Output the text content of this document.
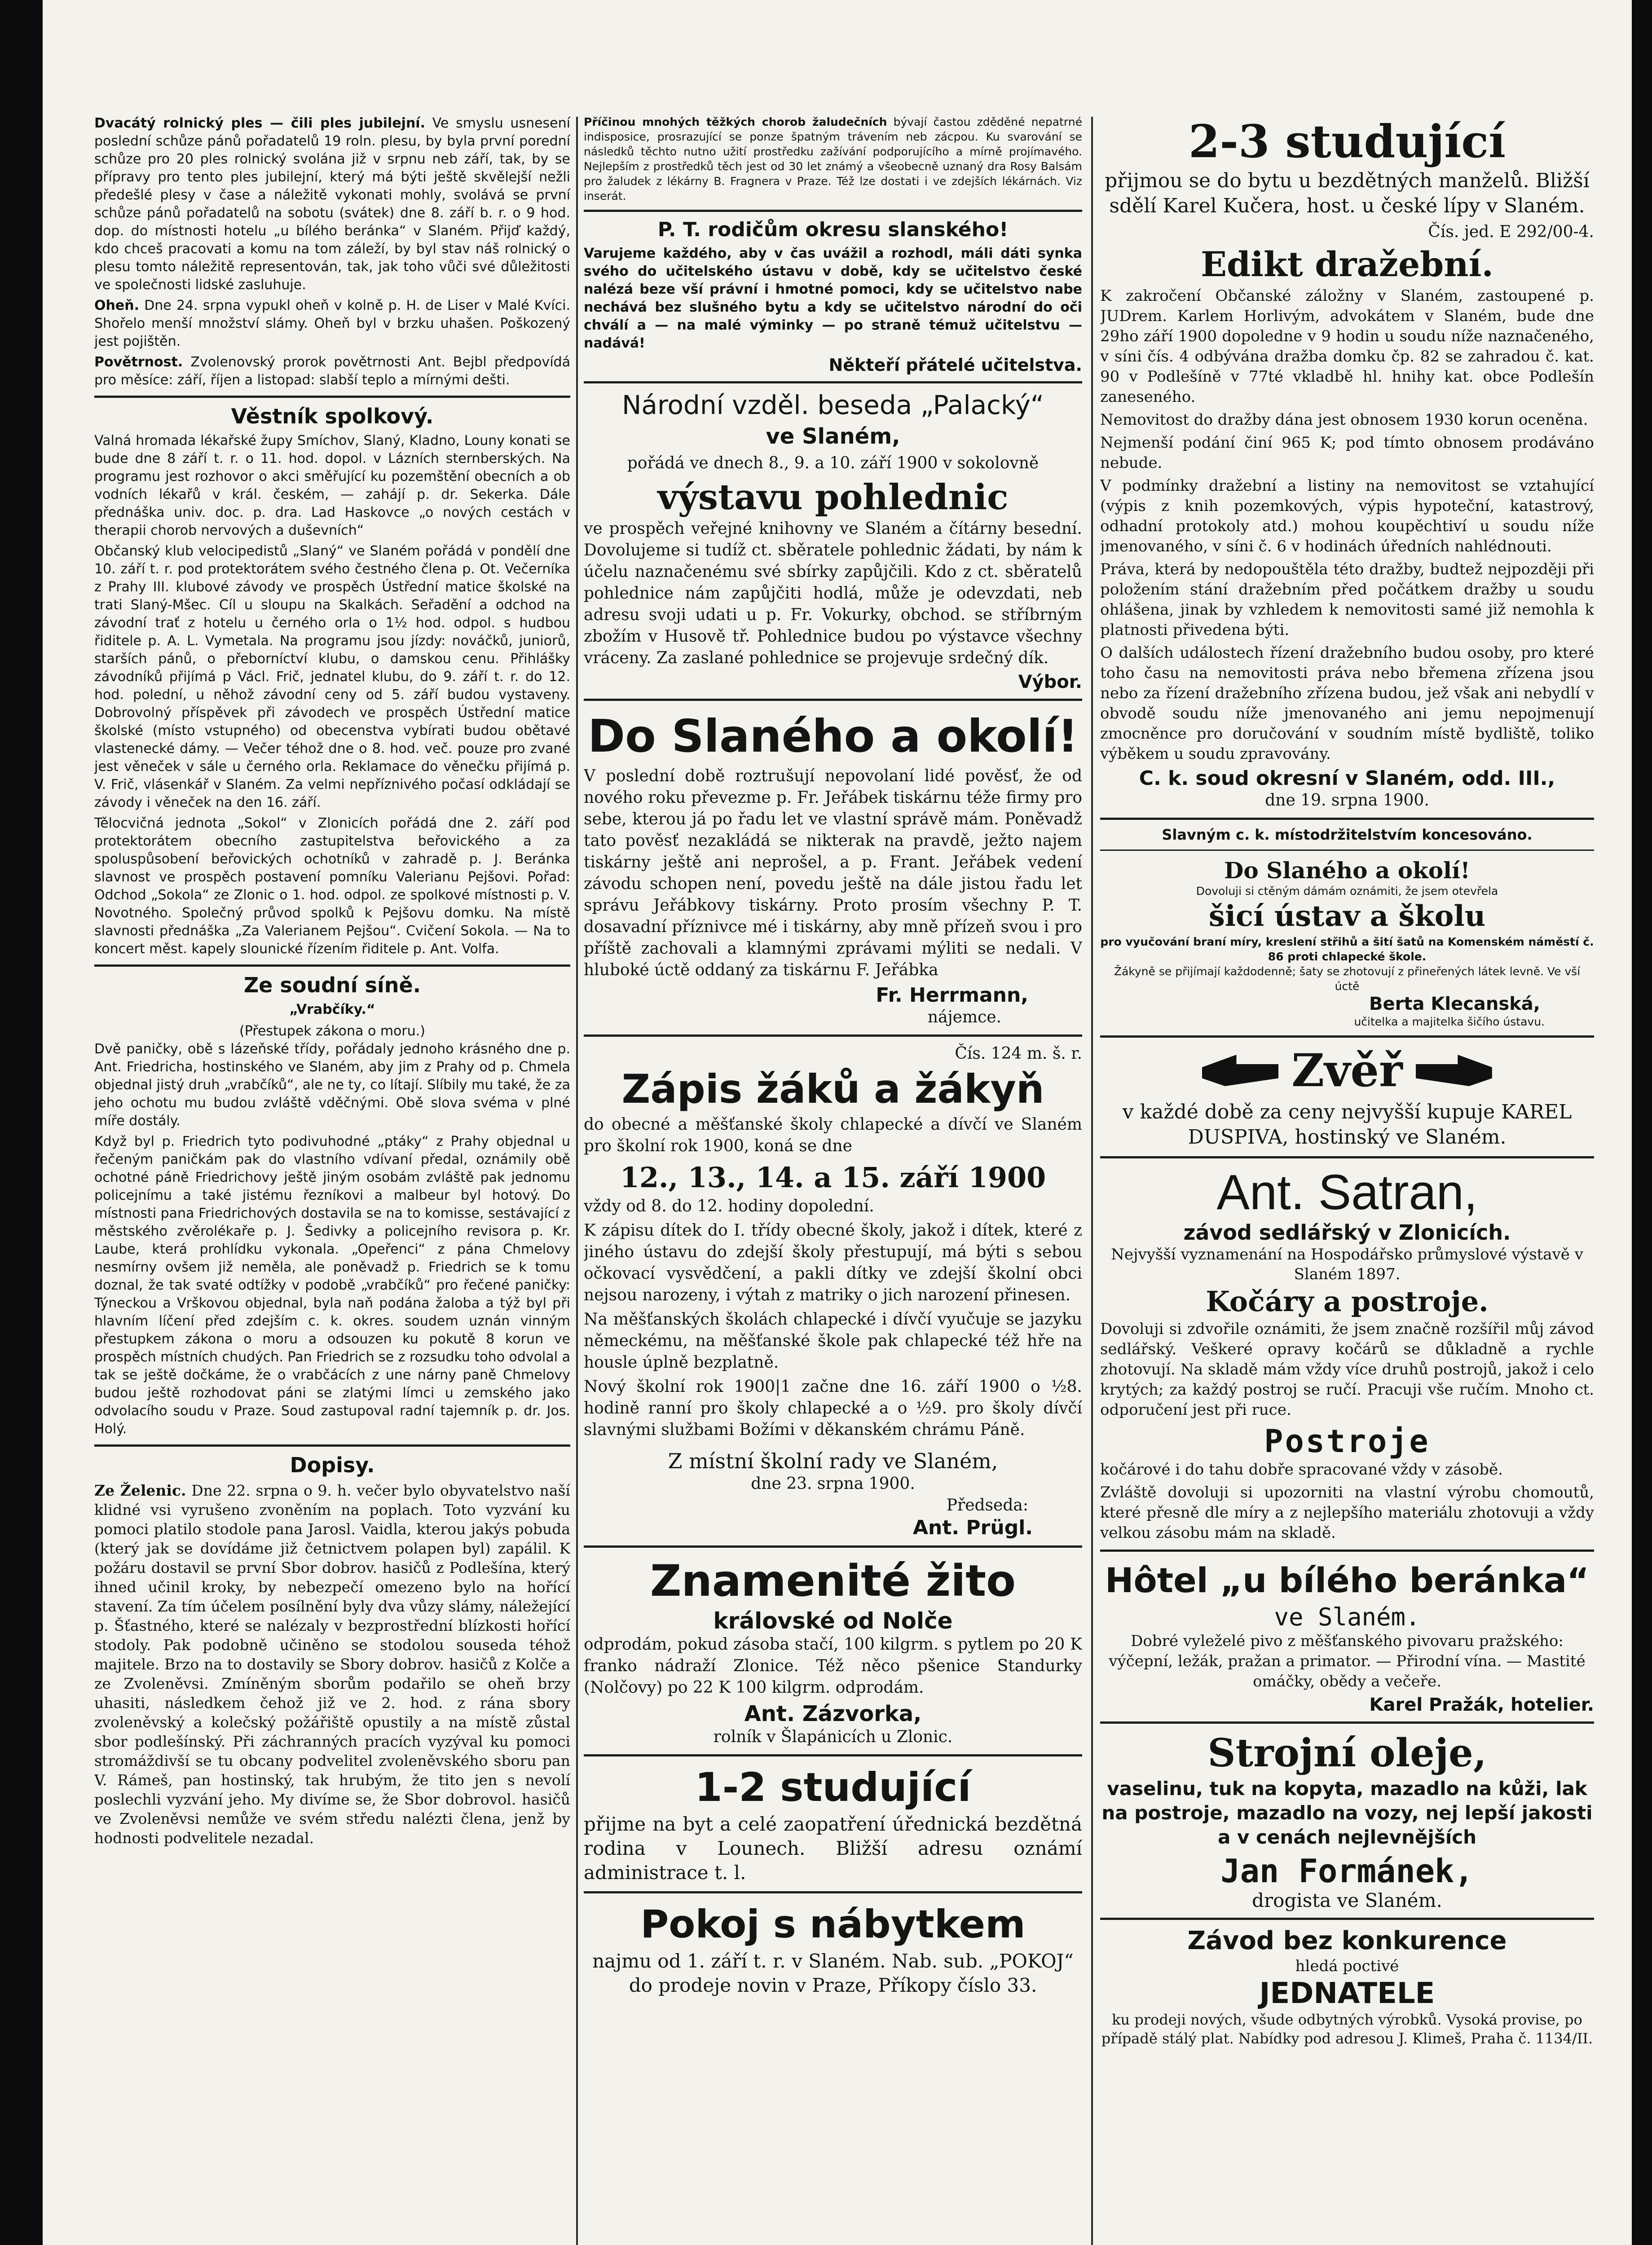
Dvacátý rolnický ples — čili ples jubilejní. Ve smyslu usnesení poslední schůze pánů pořadatelů 19 roln. plesu, by byla první porední schůze pro 20 ples rolnický svolána již v srpnu neb září, tak, by se přípravy pro tento ples jubilejní, který má býti ještě skvělejší nežli předešlé plesy v čase a náležitě vykonati mohly, svolává se první schůze pánů pořadatelů na sobotu (svátek) dne 8. září b. r. o 9 hod. dop. do místnosti hotelu „u bílého beránka“ v Slaném. Přijď každý, kdo chceš pracovati a komu na tom záleží, by byl stav náš rolnický o plesu tomto náležitě representován, tak, jak toho vůči své důležitosti ve společnosti lidské zasluhuje.

Oheň. Dne 24. srpna vypukl oheň v kolně p. H. de Liser v Malé Kvíci. Shořelo menší množství slámy. Oheň byl v brzku uhašen. Poškozený jest pojištěn.

Povětrnost. Zvolenovský prorok povětrnosti Ant. Bejbl předpovídá pro měsíce: září, říjen a listopad: slabší teplo a mírnými dešti.

Věstník spolkový.

Valná hromada lékařské župy Smíchov, Slaný, Kladno, Louny konati se bude dne 8 září t. r. o 11. hod. dopol. v Lázních sternberských. Na programu jest rozhovor o akci směřující ku pozemštění obecních a ob vodních lékařů v král. českém, — zahájí p. dr. Sekerka. Dále přednáška univ. doc. p. dra. Lad Haskovce „o nových cestách v therapii chorob nervových a duševních“

Občanský klub velocipedistů „Slaný“ ve Slaném pořádá v pondělí dne 10. září t. r. pod protektorátem svého čestného člena p. Ot. Večerníka z Prahy III. klubové závody ve prospěch Ústřední matice školské na trati Slaný-Mšec. Cíl u sloupu na Skalkách. Seřadění a odchod na závodní trať z hotelu u černého orla o 1½ hod. odpol. s hudbou řiditele p. A. L. Vymetala. Na programu jsou jízdy: nováčků, juniorů, starších pánů, o přeborníctví klubu, o damskou cenu. Přihlášky závodníků přijímá p Václ. Frič, jednatel klubu, do 9. září t. r. do 12. hod. polední, u něhož závodní ceny od 5. září budou vystaveny. Dobrovolný příspěvek při závodech ve prospěch Ústřední matice školské (místo vstupného) od obecenstva vybírati budou obětavé vlastenecké dámy. — Večer téhož dne o 8. hod. več. pouze pro zvané jest věneček v sále u černého orla. Reklamace do věnečku přijímá p. V. Frič, vlásenkář v Slaném. Za velmi nepříznivého počasí odkládají se závody i věneček na den 16. září.

Tělocvičná jednota „Sokol“ v Zlonicích pořádá dne 2. září pod protektorátem obecního zastupitelstva beřovického a za spoluspůsobení beřovických ochotníků v zahradě p. J. Beránka slavnost ve prospěch postavení pomníku Valerianu Pejšovi. Pořad: Odchod „Sokola“ ze Zlonic o 1. hod. odpol. ze spolkové místnosti p. V. Novotného. Společný průvod spolků k Pejšovu domku. Na místě slavnosti přednáška „Za Valerianem Pejšou“. Cvičení Sokola. — Na to koncert měst. kapely slounické řízením řiditele p. Ant. Volfa.

Ze soudní síně.
„Vrabčíky.“
(Přestupek zákona o moru.)

Dvě paničky, obě s lázeňské třídy, pořádaly jednoho krásného dne p. Ant. Friedricha, hostinského ve Slaném, aby jim z Prahy od p. Chmela objednal jistý druh „vrabčíků“, ale ne ty, co lítají. Slíbily mu také, že za jeho ochotu mu budou zvláště vděčnými. Obě slova svéma v plné míře dostály.

Když byl p. Friedrich tyto podivuhodné „ptáky“ z Prahy objednal u řečeným paničkám pak do vlastního vdívaní předal, oznámily obě ochotné páně Friedrichovy ještě jiným osobám zvláště pak jednomu policejnímu a také jistému řezníkovi a malbeur byl hotový. Do místnosti pana Friedrichových dostavila se na to komisse, sestávající z městského zvěrolékaře p. J. Šedivky a policejního revisora p. Kr. Laube, která prohlídku vykonala. „Opeřenci“ z pána Chmelovy nesmírny ovšem již neměla, ale poněvadž p. Friedrich se k tomu doznal, že tak svaté odtížky v podobě „vrabčíků“ pro řečené paničky: Týneckou a Vrškovou objednal, byla naň podána žaloba a týž byl při hlavním líčení před zdejším c. k. okres. soudem uznán vinným přestupkem zákona o moru a odsouzen ku pokutě 8 korun ve prospěch místních chudých. Pan Friedrich se z rozsudku toho odvolal a tak se ještě dočkáme, že o vrabčácích z une nárny paně Chmelovy budou ještě rozhodovat páni se zlatými límci u zemského jako odvolacího soudu v Praze. Soud zastupoval radní tajemník p. dr. Jos. Holý.

Dopisy.

Ze Želenic. Dne 22. srpna o 9. h. večer bylo obyvatelstvo naší klidné vsi vyrušeno zvoněním na poplach. Toto vyzvání ku pomoci platilo stodole pana Jarosl. Vaidla, kterou jakýs pobuda (který jak se dovídáme již četnictvem polapen byl) zapálil. K požáru dostavil se první Sbor dobrov. hasičů z Podlešína, který ihned učinil kroky, by nebezpečí omezeno bylo na hořící stavení. Za tím účelem posílnění byly dva vůzy slámy, náležející p. Šťastného, které se nalézaly v bezprostřední blízkosti hořící stodoly. Pak podobně učiněno se stodolou souseda téhož majitele. Brzo na to dostavily se Sbory dobrov. hasičů z Kolče a ze Zvoleněvsi. Zmíněným sborům podařilo se oheň brzy uhasiti, následkem čehož již ve 2. hod. z rána sbory zvoleněvský a kolečský požářiště opustily a na místě zůstal sbor podlešínský. Při záchranných pracích vyzýval ku pomoci stromáždivší se tu obcany podvelitel zvoleněvského sboru pan V. Rámeš, pan hostinský, tak hrubým, že tito jen s nevolí poslechli vyzvání jeho. My divíme se, že Sbor dobrovol. hasičů ve Zvoleněvsi nemůže ve svém středu nalézti člena, jenž by hodnosti podvelitele nezadal.

Příčinou mnohých těžkých chorob žaludečních bývají častou zděděné nepatrné indisposice, prosrazující se ponze špatným trávením neb zácpou. Ku svarování se následků těchto nutno užití prostředku zažívání podporujícího a mírně projímavého. Nejlepším z prostředků těch jest od 30 let známý a všeobecně uznaný dra Rosy Balsám pro žaludek z lékárny B. Fragnera v Praze. Též lze dostati i ve zdejších lékárnách. Viz inserát.

P. T. rodičům okresu slanského!

Varujeme každého, aby v čas uvážil a rozhodl, máli dáti synka svého do učitelského ústavu v době, kdy se učitelstvo české nalézá beze vší právní i hmotné pomoci, kdy se učitelstvo nabe nechává bez slušného bytu a kdy se učitelstvo národní do oči chválí a — na malé výminky — po straně témuž učitelstvu — nadává!

Někteří přátelé učitelstva.
Národní vzděl. beseda „Palacký“
ve Slaném,

pořádá ve dnech 8., 9. a 10. září 1900 v sokolovně

výstavu pohlednic

ve prospěch veřejné knihovny ve Slaném a čítárny besední. Dovolujeme si tudíž ct. sběratele pohlednic žádati, by nám k účelu naznačenému své sbírky zapůjčili. Kdo z ct. sběratelů pohlednice nám zapůjčiti hodlá, může je odevzdati, neb adresu svoji udati u p. Fr. Vokurky, obchod. se stříbrným zbožím v Husově tř. Pohlednice budou po výstavce všechny vráceny. Za zaslané pohlednice se projevuje srdečný dík.

Výbor.
Do Slaného a okolí!

V poslední době roztrušují nepovolaní lidé pověsť, že od nového roku převezme p. Fr. Jeřábek tiskárnu téže firmy pro sebe, kterou já po řadu let ve vlastní správě mám. Poněvadž tato pověsť nezakládá se nikterak na pravdě, ježto najem tiskárny ještě ani neprošel, a p. Frant. Jeřábek vedení závodu schopen není, povedu ještě na dále jistou řadu let správu Jeřábkovy tiskárny. Proto prosím všechny P. T. dosavadní příznivce mé i tiskárny, aby mně přízeň svou i pro příště zachovali a klamnými zprávami mýliti se nedali. V hluboké úctě oddaný za tiskárnu F. Jeřábka

Fr. Herrmann,
nájemce.
Čís. 124 m. š. r.
Zápis žáků a žákyň

do obecné a měšťanské školy chlapecké a dívčí ve Slaném pro školní rok 1900, koná se dne

12., 13., 14. a 15. září 1900

vždy od 8. do 12. hodiny dopolední.

K zápisu dítek do I. třídy obecné školy, jakož i dítek, které z jiného ústavu do zdejší školy přestupují, má býti s sebou očkovací vysvědčení, a pakli dítky ve zdejší školní obci nejsou narozeny, i výtah z matriky o jich narození přinesen.

Na měšťanských školách chlapecké i dívčí vyučuje se jazyku německému, na měšťanské škole pak chlapecké též hře na housle úplně bezplatně.

Nový školní rok 1900|1 začne dne 16. září 1900 o ½8. hodině ranní pro školy chlapecké a o ½9. pro školy dívčí slavnými službami Božími v děkanském chrámu Páně.

Z místní školní rady ve Slaném,
dne 23. srpna 1900.
Předseda:
Ant. Prügl.
Znamenité žito
královské od Nolče

odprodám, pokud zásoba stačí, 100 kilgrm. s pytlem po 20 K franko nádraží Zlonice. Též něco pšenice Standurky (Nolčovy) po 22 K 100 kilgrm. odprodám.

Ant. Zázvorka,
rolník v Šlapánicích u Zlonic.
1-2 studující

přijme na byt a celé zaopatření úřednická bezdětná rodina v Lounech. Bližší adresu oznámí administrace t. l.

Pokoj s nábytkem

najmu od 1. září t. r. v Slaném. Nab. sub. „POKOJ“ do prodeje novin v Praze, Příkopy číslo 33.

2-3 studující

přijmou se do bytu u bezdětných manželů. Bližší sdělí Karel Kučera, host. u české lípy v Slaném.

Čís. jed. E 292/00-4.
Edikt dražební.

K zakročení Občanské záložny v Slaném, zastoupené p. JUDrem. Karlem Horlivým, advokátem v Slaném, bude dne 29ho září 1900 dopoledne v 9 hodin u soudu níže naznačeného, v síni čís. 4 odbývána dražba domku čp. 82 se zahradou č. kat. 90 v Podlešíně v 77té vkladbě hl. hnihy kat. obce Podlešín zaneseného.

Nemovitost do dražby dána jest obnosem 1930 korun oceněna.

Nejmenší podání činí 965 K; pod tímto obnosem prodáváno nebude.

V podmínky dražební a listiny na nemovitost se vztahující (výpis z knih pozemkových, výpis hypoteční, katastrový, odhadní protokoly atd.) mohou koupěchtiví u soudu níže jmenovaného, v síni č. 6 v hodinách úředních nahlédnouti.

Práva, která by nedopouštěla této dražby, budtež nejpozději při položením stání dražebním před počátkem dražby u soudu ohlášena, jinak by vzhledem k nemovitosti samé již nemohla k platnosti přivedena býti.

O dalších událostech řízení dražebního budou osoby, pro které toho času na nemovitosti práva nebo břemena zřízena jsou nebo za řízení dražebního zřízena budou, jež však ani nebydlí v obvodě soudu níže jmenovaného ani jemu nepojmenují zmocněnce pro doručování v soudním místě bydliště, toliko výběkem u soudu zpravovány.

C. k. soud okresní v Slaném, odd. III.,
dne 19. srpna 1900.
Slavným c. k. místodržitelstvím koncesováno.
Do Slaného a okolí!
Dovoluji si ctěným dámám oznámiti, že jsem otevřela
šicí ústav a školu
pro vyučování braní míry, kreslení střihů a šití šatů na Komenském náměstí č. 86 proti chlapecké škole.
Žákyně se přijímají každodenně; šaty se zhotovují z přineřených látek levně. Ve vší úctě
Berta Klecanská,
učitelka a majitelka šičího ústavu.
Zvěř

v každé době za ceny nejvyšší kupuje KAREL DUSPIVA, hostinský ve Slaném.

Ant. Satran,
závod sedlářský v Zlonicích.
Nejvyšší vyznamenání na Hospodářsko průmyslové výstavě v Slaném 1897.
Kočáry a postroje.

Dovoluji si zdvořile oznámiti, že jsem značně rozšířil můj závod sedlářský. Veškeré opravy kočárů se důkladně a rychle zhotovují. Na skladě mám vždy více druhů postrojů, jakož i celo krytých; za každý postroj se ručí. Pracuji vše ručím. Mnoho ct. odporučení jest při ruce.

Postroje

kočárové i do tahu dobře spracované vždy v zásobě.

Zvláště dovoluji si upozorniti na vlastní výrobu chomoutů, které přesně dle míry a z nejlepšího materiálu zhotovuji a vždy velkou zásobu mám na skladě.

Hôtel „u bílého beránka“
ve Slaném.

Dobré vyleželé pivo z měšťanského pivovaru pražského: výčepní, ležák, pražan a primator. — Přirodní vína. — Mastité omáčky, obědy a večeře.

Karel Pražák, hotelier.
Strojní oleje,

vaselinu, tuk na kopyta, mazadlo na kůži, lak na postroje, mazadlo na vozy, nej lepší jakosti a v cenách nejlevnějších

Jan Formánek,
drogista ve Slaném.
Závod bez konkurence
hledá poctivé
JEDNATELE

ku prodeji nových, všude odbytných výrobků. Vysoká provise, po případě stálý plat. Nabídky pod adresou J. Klimeš, Praha č. 1134/II.
